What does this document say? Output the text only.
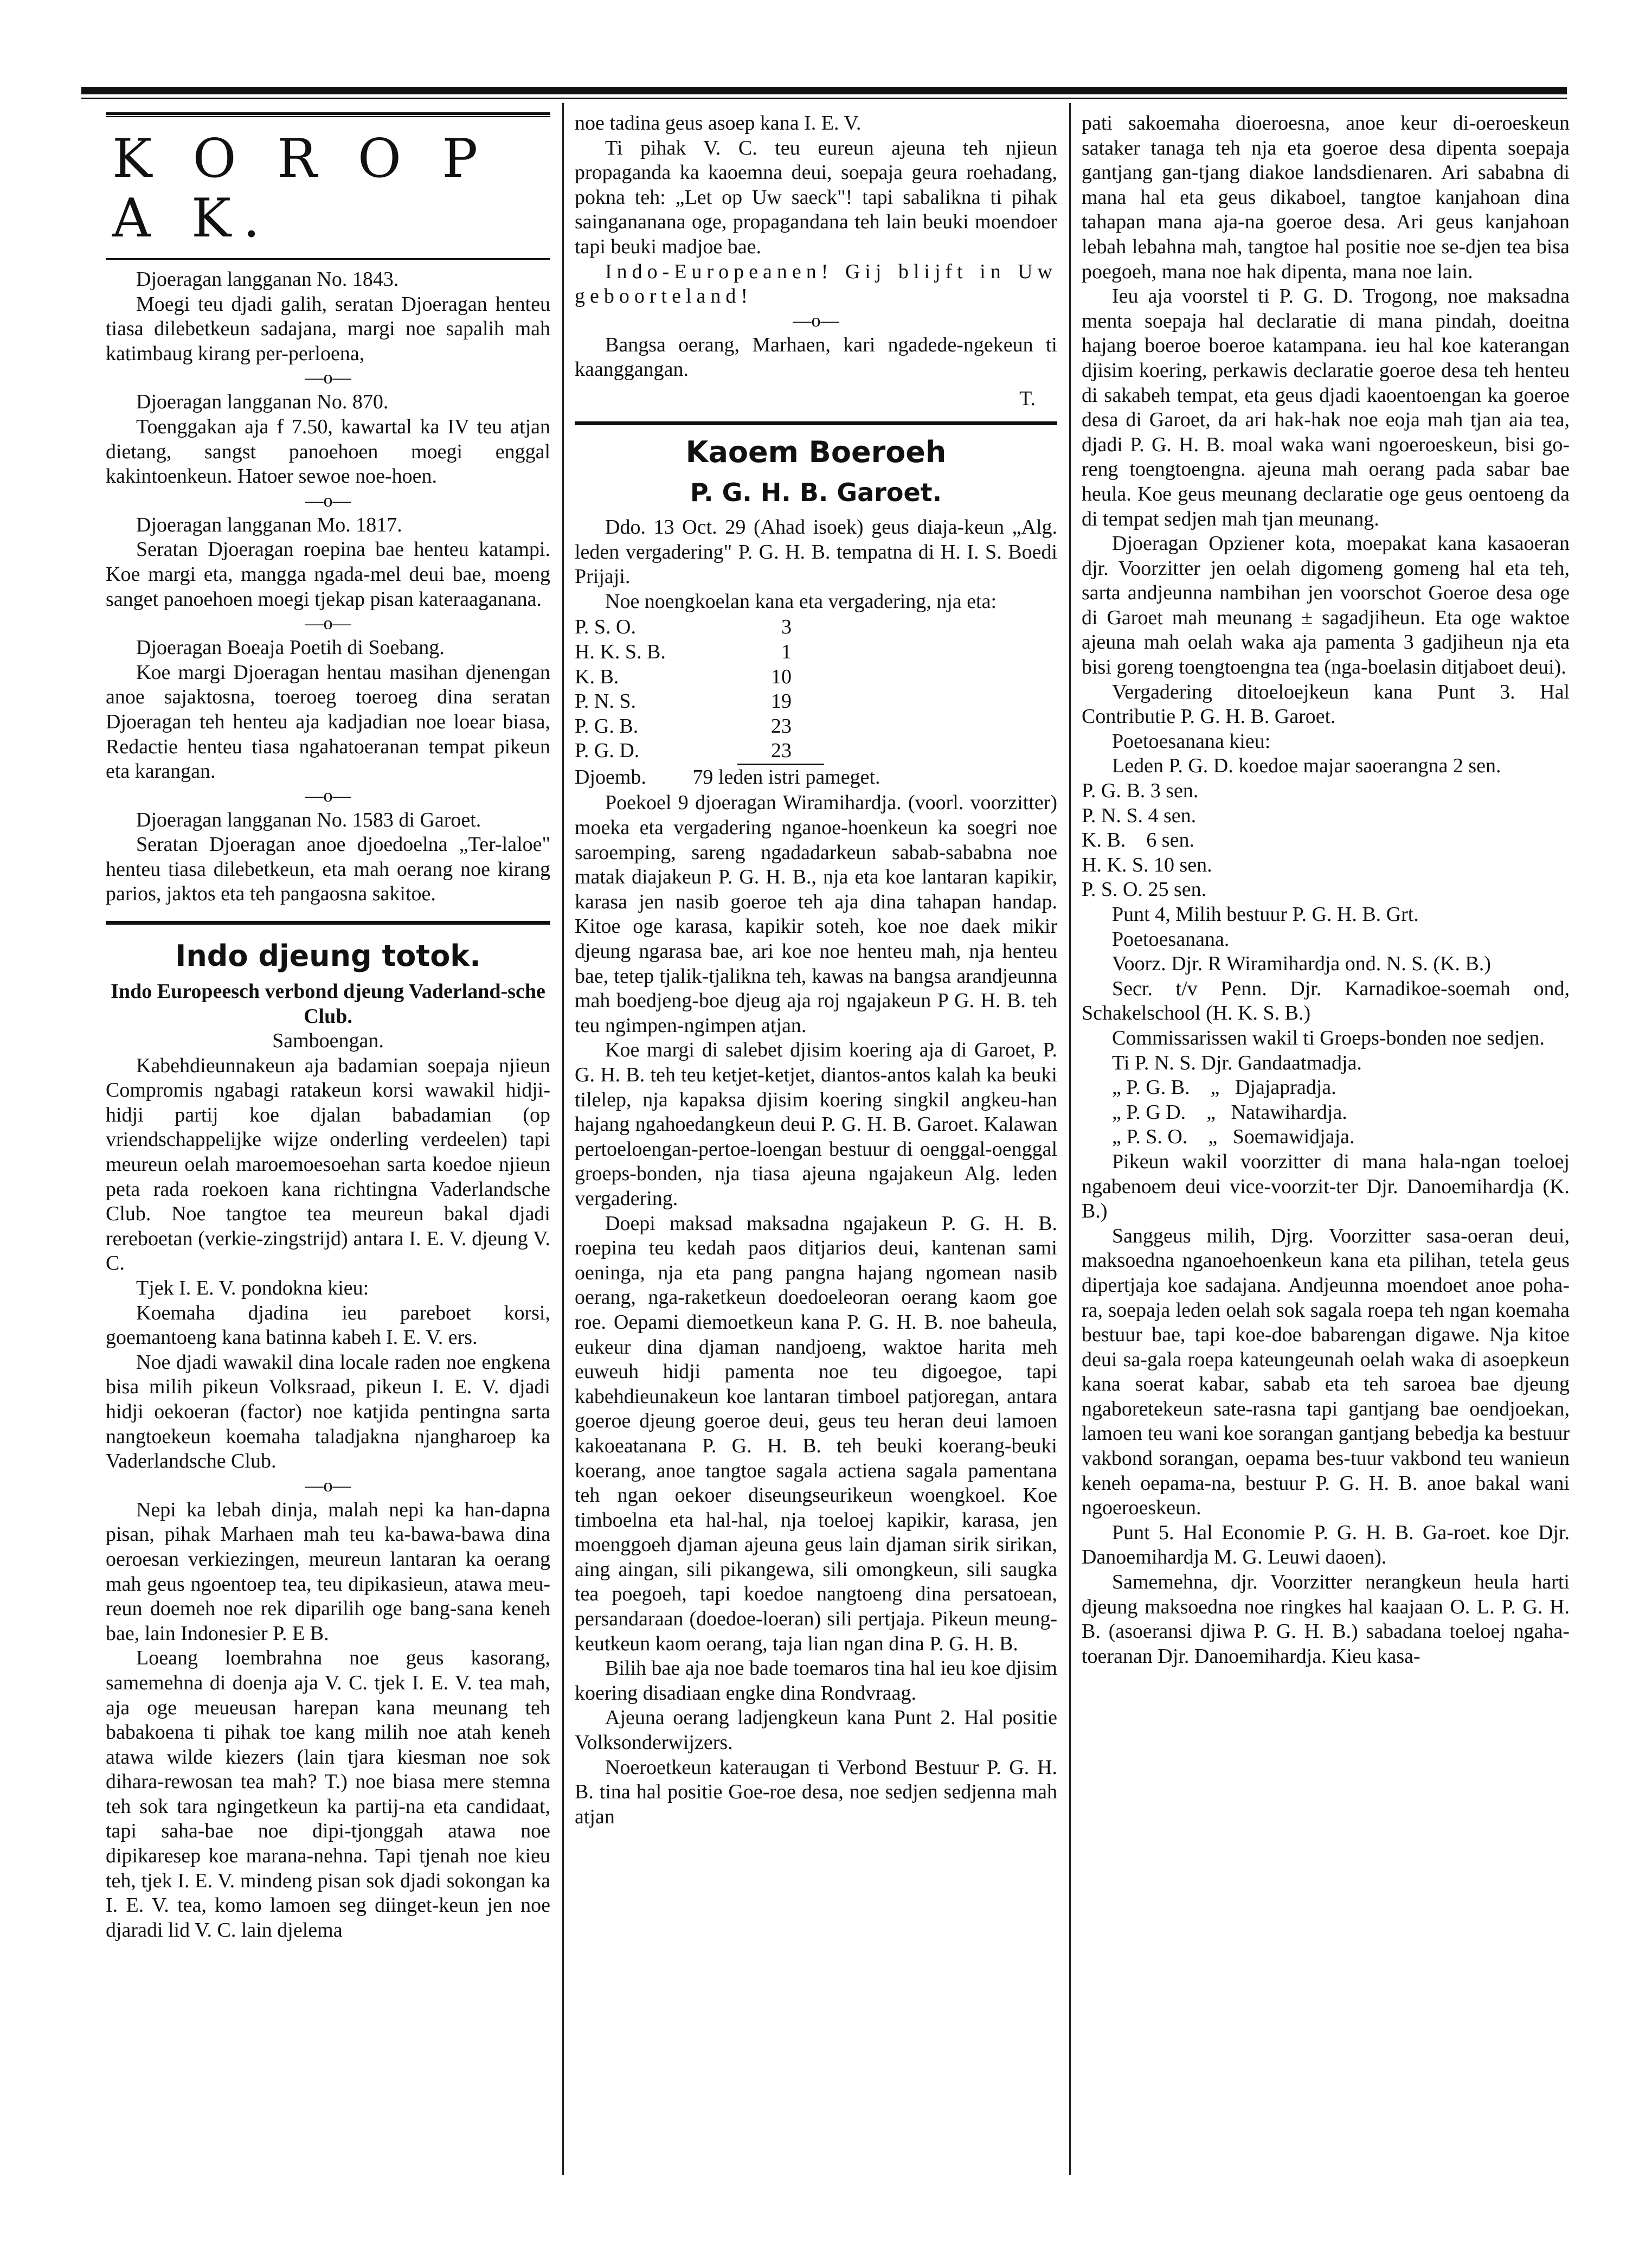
K O R O P A K.

Djoeragan langganan No. 1843.

Moegi teu djadi galih, seratan Djoeragan henteu tiasa dilebetkeun sadajana, margi noe sapalih mah katimbaug kirang per-perloena,

—o—

Djoeragan langganan No. 870.

Toenggakan aja f 7.50, kawartal ka IV teu atjan dietang, sangst panoehoen moegi enggal kakintoenkeun. Hatoer sewoe noe-hoen.

—o—

Djoeragan langganan Mo. 1817.

Seratan Djoeragan roepina bae henteu katampi. Koe margi eta, mangga ngada-mel deui bae, moeng sanget panoehoen moegi tjekap pisan kateraaganana.

—o—

Djoeragan Boeaja Poetih di Soebang.

Koe margi Djoeragan hentau masihan djenengan anoe sajaktosna, toeroeg toeroeg dina seratan Djoeragan teh henteu aja kadjadian noe loear biasa, Redactie henteu tiasa ngahatoeranan tempat pikeun eta karangan.

—o—

Djoeragan langganan No. 1583 di Garoet.

Seratan Djoeragan anoe djoedoelna „Ter-laloe" henteu tiasa dilebetkeun, eta mah oerang noe kirang parios, jaktos eta teh pangaosna sakitoe.

Indo djeung totok.
Indo Europeesch verbond djeung Vaderland-sche Club.

Samboengan.

Kabehdieunnakeun aja badamian soepaja njieun Compromis ngabagi ratakeun korsi wawakil hidji-hidji partij koe djalan babadamian (op vriendschappelijke wijze onderling verdeelen) tapi meureun oelah maroemoesoehan sarta koedoe njieun peta rada roekoen kana richtingna Vaderlandsche Club. Noe tangtoe tea meureun bakal djadi rereboetan (verkie-zingstrijd) antara I. E. V. djeung V. C.

Tjek I. E. V. pondokna kieu:

Koemaha djadina ieu pareboet korsi, goemantoeng kana batinna kabeh I. E. V. ers.

Noe djadi wawakil dina locale raden noe engkena bisa milih pikeun Volksraad, pikeun I. E. V. djadi hidji oekoeran (factor) noe katjida pentingna sarta nangtoekeun koemaha taladjakna njangharoep ka Vaderlandsche Club.

—o—

Nepi ka lebah dinja, malah nepi ka han-dapna pisan, pihak Marhaen mah teu ka-bawa-bawa dina oeroesan verkiezingen, meureun lantaran ka oerang mah geus ngoentoep tea, teu dipikasieun, atawa meu-reun doemeh noe rek diparilih oge bang-sana keneh bae, lain Indonesier P. E B.

Loeang loembrahna noe geus kasorang, samemehna di doenja aja V. C. tjek I. E. V. tea mah, aja oge meueusan harepan kana meunang teh babakoena ti pihak toe kang milih noe atah keneh atawa wilde kiezers (lain tjara kiesman noe sok dihara-rewosan tea mah? T.) noe biasa mere stemna teh sok tara ngingetkeun ka partij-na eta candidaat, tapi saha-bae noe dipi-tjonggah atawa noe dipikaresep koe marana-nehna. Tapi tjenah noe kieu teh, tjek I. E. V. mindeng pisan sok djadi sokongan ka I. E. V. tea, komo lamoen seg diinget-keun jen noe djaradi lid V. C. lain djelema

noe tadina geus asoep kana I. E. V.

Ti pihak V. C. teu eureun ajeuna teh njieun propaganda ka kaoemna deui, soepaja geura roehadang, pokna teh: „Let op Uw saeck"! tapi sabalikna ti pihak saingananana oge, propagandana teh lain beuki moendoer tapi beuki madjoe bae.

Indo-Europeanen! Gij blijft in Uw geboorteland!

—o—

Bangsa oerang, Marhaen, kari ngadede-ngekeun ti kaanggangan.

T.
Kaoem Boeroeh
P. G. H. B. Garoet.

Ddo. 13 Oct. 29 (Ahad isoek) geus diaja-keun „Alg. leden vergadering" P. G. H. B. tempatna di H. I. S. Boedi Prijaji.

Noe noengkoelan kana eta vergadering, nja eta:

P. S. O.	3
H. K. S. B.	1
K. B.	10
P. N. S.	19
P. G. B.	23
P. G. D.	23

Djoemb.         79 leden istri pameget.

Poekoel 9 djoeragan Wiramihardja. (voorl. voorzitter) moeka eta vergadering nganoe-hoenkeun ka soegri noe saroemping, sareng ngadadarkeun sabab-sababna noe matak diajakeun P. G. H. B., nja eta koe lantaran kapikir, karasa jen nasib goeroe teh aja dina tahapan handap. Kitoe oge karasa, kapikir soteh, koe noe daek mikir djeung ngarasa bae, ari koe noe henteu mah, nja henteu bae, tetep tjalik-tjalikna teh, kawas na bangsa arandjeunna mah boedjeng-boe djeug aja roj ngajakeun P G. H. B. teh teu ngimpen-ngimpen atjan.

Koe margi di salebet djisim koering aja di Garoet, P. G. H. B. teh teu ketjet-ketjet, diantos-antos kalah ka beuki tilelep, nja kapaksa djisim koering singkil angkeu-han hajang ngahoedangkeun deui P. G. H. B. Garoet. Kalawan pertoeloengan-pertoe-loengan bestuur di oenggal-oenggal groeps-bonden, nja tiasa ajeuna ngajakeun Alg. leden vergadering.

Doepi maksad maksadna ngajakeun P. G. H. B. roepina teu kedah paos ditjarios deui, kantenan sami oeninga, nja eta pang pangna hajang ngomean nasib oerang, nga-raketkeun doedoeleoran oerang kaom goe roe. Oepami diemoetkeun kana P. G. H. B. noe baheula, eukeur dina djaman nandjoeng, waktoe harita meh euweuh hidji pamenta noe teu digoegoe, tapi kabehdieunakeun koe lantaran timboel patjoregan, antara goeroe djeung goeroe deui, geus teu heran deui lamoen kakoeatanana P. G. H. B. teh beuki koerang-beuki koerang, anoe tangtoe sagala actiena sagala pamentana teh ngan oekoer diseungseurikeun woengkoel. Koe timboelna eta hal-hal, nja toeloej kapikir, karasa, jen moenggoeh djaman ajeuna geus lain djaman sirik sirikan, aing aingan, sili pikangewa, sili omongkeun, sili saugka tea poegoeh, tapi koedoe nangtoeng dina persatoean, persandaraan (doedoe-loeran) sili pertjaja. Pikeun meung-keutkeun kaom oerang, taja lian ngan dina P. G. H. B.

Bilih bae aja noe bade toemaros tina hal ieu koe djisim koering disadiaan engke dina Rondvraag.

Ajeuna oerang ladjengkeun kana Punt 2. Hal positie Volksonderwijzers.

Noeroetkeun kateraugan ti Verbond Bestuur P. G. H. B. tina hal positie Goe-roe desa, noe sedjen sedjenna mah atjan

pati sakoemaha dioeroesna, anoe keur di-oeroeskeun sataker tanaga teh nja eta goeroe desa dipenta soepaja gantjang gan-tjang diakoe landsdienaren. Ari sababna di mana hal eta geus dikaboel, tangtoe kanjahoan dina tahapan mana aja-na goeroe desa. Ari geus kanjahoan lebah lebahna mah, tangtoe hal positie noe se-djen tea bisa poegoeh, mana noe hak dipenta, mana noe lain.

Ieu aja voorstel ti P. G. D. Trogong, noe maksadna menta soepaja hal declaratie di mana pindah, doeitna hajang boeroe boeroe katampana. ieu hal koe katerangan djisim koering, perkawis declaratie goeroe desa teh henteu di sakabeh tempat, eta geus djadi kaoentoengan ka goeroe desa di Garoet, da ari hak-hak noe eoja mah tjan aia tea, djadi P. G. H. B. moal waka wani ngoeroeskeun, bisi go-reng toengtoengna. ajeuna mah oerang pada sabar bae heula. Koe geus meunang declaratie oge geus oentoeng da di tempat sedjen mah tjan meunang.

Djoeragan Opziener kota, moepakat kana kasaoeran djr. Voorzitter jen oelah digomeng gomeng hal eta teh, sarta andjeunna nambihan jen voorschot Goeroe desa oge di Garoet mah meunang ± sagadjiheun. Eta oge waktoe ajeuna mah oelah waka aja pamenta 3 gadjiheun nja eta bisi goreng toengtoengna tea (nga-boelasin ditjaboet deui).

Vergadering ditoeloejkeun kana Punt 3. Hal Contributie P. G. H. B. Garoet.

Poetoesanana kieu:

Leden P. G. D. koedoe majar saoerangna 2 sen.

P. G. B. 3 sen.

P. N. S. 4 sen.

K. B.    6 sen.

H. K. S. 10 sen.

P. S. O. 25 sen.

Punt 4, Milih bestuur P. G. H. B. Grt.

Poetoesanana.

Voorz. Djr. R Wiramihardja ond. N. S. (K. B.)

Secr. t/v Penn. Djr. Karnadikoe-soemah ond, Schakelschool (H. K. S. B.)

Commissarissen wakil ti Groeps-bonden noe sedjen.

Ti P. N. S. Djr. Gandaatmadja.

„ P. G. B.    „   Djajapradja.

„ P. G D.    „   Natawihardja.

„ P. S. O.    „   Soemawidjaja.

Pikeun wakil voorzitter di mana hala-ngan toeloej ngabenoem deui vice-voorzit-ter Djr. Danoemihardja (K. B.)

Sanggeus milih, Djrg. Voorzitter sasa-oeran deui, maksoedna nganoehoenkeun kana eta pilihan, tetela geus dipertjaja koe sadajana. Andjeunna moendoet anoe poha-ra, soepaja leden oelah sok sagala roepa teh ngan koemaha bestuur bae, tapi koe-doe babarengan digawe. Nja kitoe deui sa-gala roepa kateungeunah oelah waka di asoepkeun kana soerat kabar, sabab eta teh saroea bae djeung ngaboretekeun sate-rasna tapi gantjang bae oendjoekan, lamoen teu wani koe sorangan gantjang bebedja ka bestuur vakbond sorangan, oepama bes-tuur vakbond teu wanieun keneh oepama-na, bestuur P. G. H. B. anoe bakal wani ngoeroeskeun.

Punt 5. Hal Economie P. G. H. B. Ga-roet. koe Djr. Danoemihardja M. G. Leuwi daoen).

Samemehna, djr. Voorzitter nerangkeun heula harti djeung maksoedna noe ringkes hal kaajaan O. L. P. G. H. B. (asoeransi djiwa P. G. H. B.) sabadana toeloej ngaha-toeranan Djr. Danoemihardja. Kieu kasa-
